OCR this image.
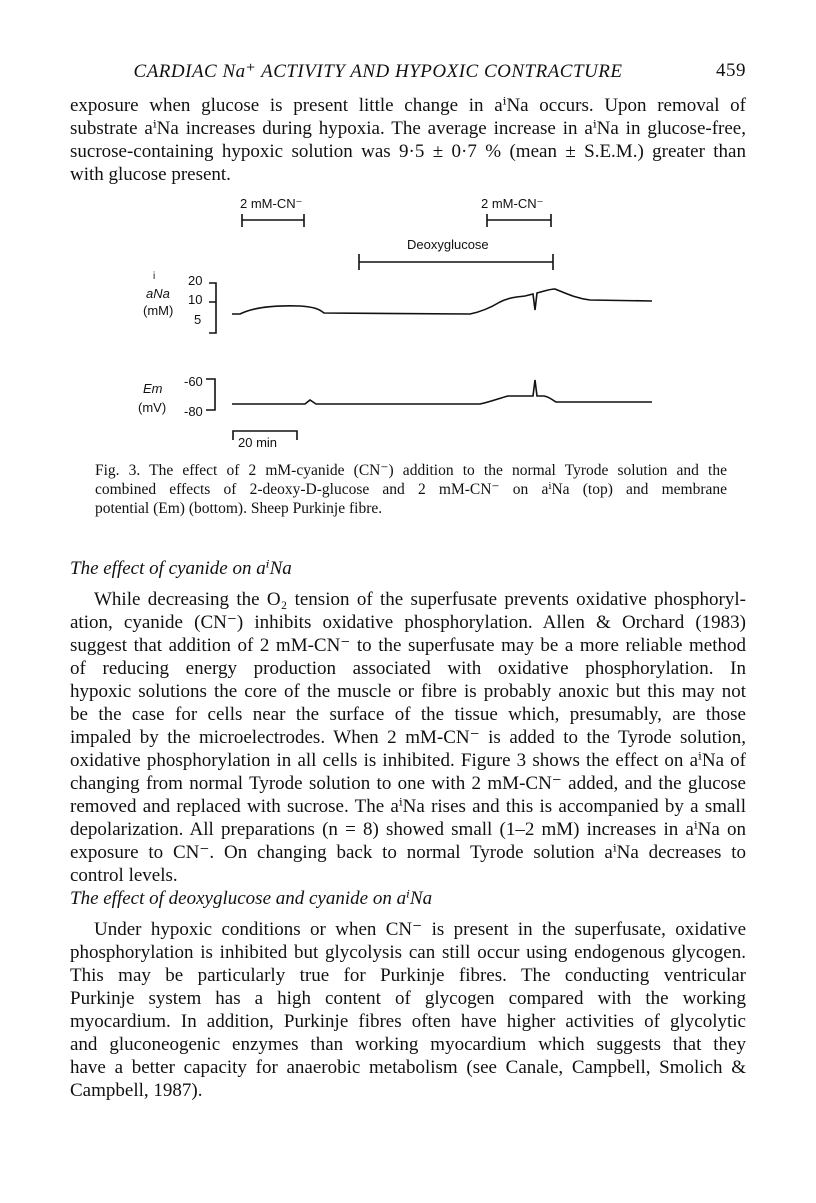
CARDIAC Na⁺ ACTIVITY AND HYPOXIC CONTRACTURE	459
exposure when glucose is present little change in aⁱNa occurs. Upon removal of
substrate aⁱNa increases during hypoxia. The average increase in aⁱNa in glucose-free,
sucrose-containing hypoxic solution was 9·5 ± 0·7 % (mean ± S.E.M.) greater than
with glucose present.
2 mM-CN⁻	2 mM-CN⁻
Deoxyglucose
i
aNa
(mM)
20
10
5
Em
(mV)
-60
-80
20 min
Fig. 3. The effect of 2 mM-cyanide (CN⁻) addition to the normal Tyrode solution and the
combined effects of 2-deoxy-D-glucose and 2 mM-CN⁻ on aⁱNa (top) and membrane
potential (Em) (bottom). Sheep Purkinje fibre.
The effect of cyanide on aⁱNa
While decreasing the O₂ tension of the superfusate prevents oxidative phosphoryl-
ation, cyanide (CN⁻) inhibits oxidative phosphorylation. Allen & Orchard (1983)
suggest that addition of 2 mM-CN⁻ to the superfusate may be a more reliable method
of reducing energy production associated with oxidative phosphorylation. In
hypoxic solutions the core of the muscle or fibre is probably anoxic but this may not
be the case for cells near the surface of the tissue which, presumably, are those
impaled by the microelectrodes. When 2 mM-CN⁻ is added to the Tyrode solution,
oxidative phosphorylation in all cells is inhibited. Figure 3 shows the effect on aⁱNa of
changing from normal Tyrode solution to one with 2 mM-CN⁻ added, and the glucose
removed and replaced with sucrose. The aⁱNa rises and this is accompanied by a small
depolarization. All preparations (n = 8) showed small (1–2 mM) increases in aⁱNa on
exposure to CN⁻. On changing back to normal Tyrode solution aⁱNa decreases to
control levels.
The effect of deoxyglucose and cyanide on aⁱNa
Under hypoxic conditions or when CN⁻ is present in the superfusate, oxidative
phosphorylation is inhibited but glycolysis can still occur using endogenous glycogen.
This may be particularly true for Purkinje fibres. The conducting ventricular
Purkinje system has a high content of glycogen compared with the working
myocardium. In addition, Purkinje fibres often have higher activities of glycolytic
and gluconeogenic enzymes than working myocardium which suggests that they
have a better capacity for anaerobic metabolism (see Canale, Campbell, Smolich &
Campbell, 1987).
